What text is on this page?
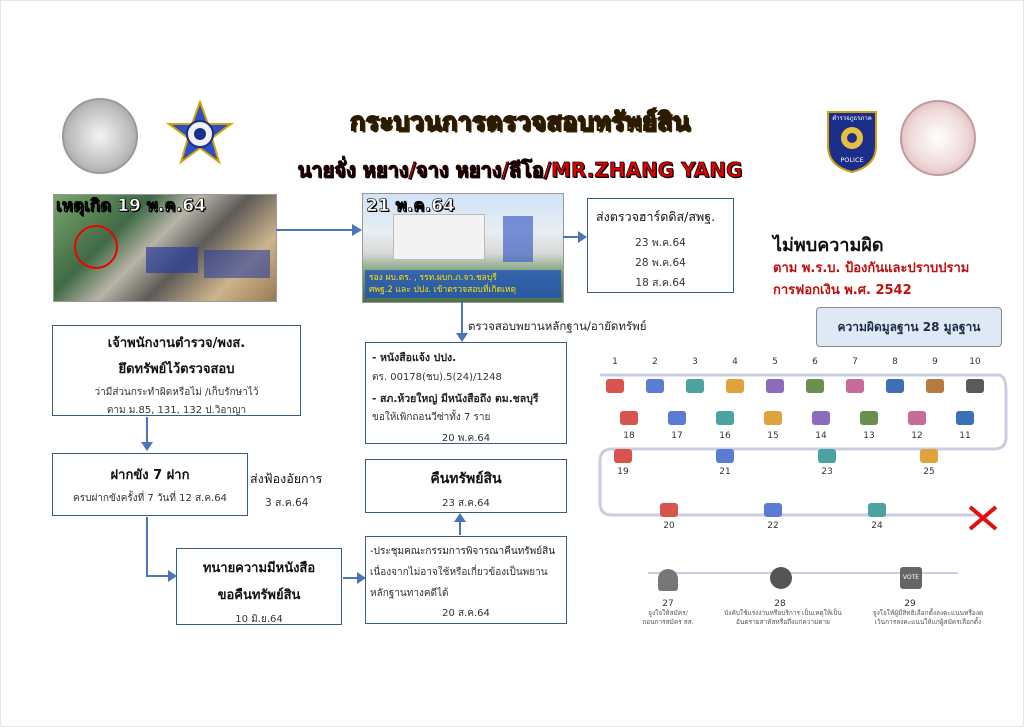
ตำรวจภูธรภาค
POLICE
กระบวนการตรวจสอบทรัพย์สิน
นายจั่ง หยาง/จาง หยาง/ลีโอ/MR.ZHANG YANG
เหตุเกิด 19 พ.ค.64
รอง ผบ.ตร. , รรท.ผบก.ภ.จว.ชลบุรี
ศพฐ.2 และ ปปง. เข้าตรวจสอบที่เกิดเหตุ
21 พ.ค.64
ส่งตรวจฮาร์ดดิส/สพฐ.
23 พ.ค.64
28 พ.ค.64
18 ส.ค.64
ไม่พบความผิด
ตาม พ.ร.บ. ป้องกันและปราบปราม
การฟอกเงิน พ.ศ. 2542
ตรวจสอบพยานหลักฐาน/อายัดทรัพย์
เจ้าพนักงานตำรวจ/พงส.
ยึดทรัพย์ไว้ตรวจสอบ
ว่ามีส่วนกระทำผิดหรือไม่ /เก็บรักษาไว้
ตาม ม.85, 131, 132 ป.วิอาญา
- หนังสือแจ้ง ปปง.
ตร. 00178(ชบ).5(24)/1248
- สภ.ห้วยใหญ่ มีหนังสือถึง ตม.ชลบุรี
ขอให้เพิกถอนวีซ่าทั้ง 7 ราย
20 พ.ค.64
ฝากขัง 7 ฝาก
ครบฝากขังครั้งที่ 7 วันที่ 12 ส.ค.64
ส่งฟ้องอัยการ
3 ส.ค.64
คืนทรัพย์สิน
23 ส.ค.64
ทนายความมีหนังสือ
ขอคืนทรัพย์สิน
10 มิ.ย.64
-ประชุมคณะกรรมการพิจารณาคืนทรัพย์สิน
เนื่องจากไม่อาจใช้หรือเกี่ยวข้องเป็นพยาน
หลักฐานทางคดีได้
20 ส.ค.64
ความผิดมูลฐาน 28 มูลฐาน
1	2	3	4	5	6	7	8	9	10
18	17	16	15	14	13	12	11
19	21	23	25
20	22	24
VOTE
27	28	29
จูงใจให้สมัคร/
ถอนการสมัคร สส.
บังคับใช้แรงงานหรือบริการ เป็นเหตุให้เป็น
อันตรายสาหัสหรือถึงแก่ความตาย
จูงใจให้ผู้มีสิทธิเลือกตั้งลงคะแนนหรืองด
เว้นการลงคะแนนให้แก่ผู้สมัครเลือกตั้ง
